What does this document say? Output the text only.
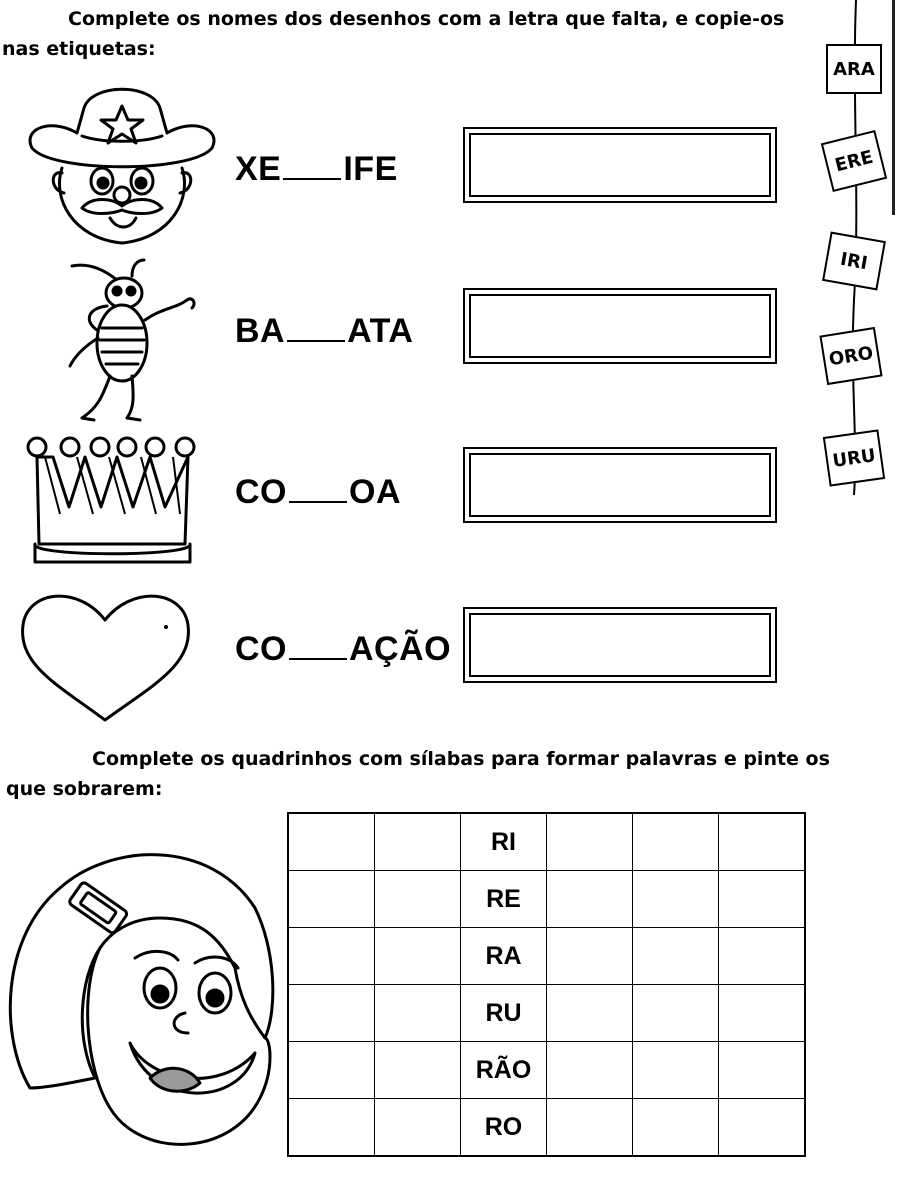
Complete os nomes dos desenhos com a letra que falta, e copie-os
nas etiquetas:
XE IFE
BA ATA
CO OA
CO AÇÃO
ARA
ERE
IRI
ORO
URU
Complete os quadrinhos com sílabas para formar palavras e pinte os
que sobrarem:
		RI			
		RE			
		RA			
		RU			
		RÃO			
		RO			
